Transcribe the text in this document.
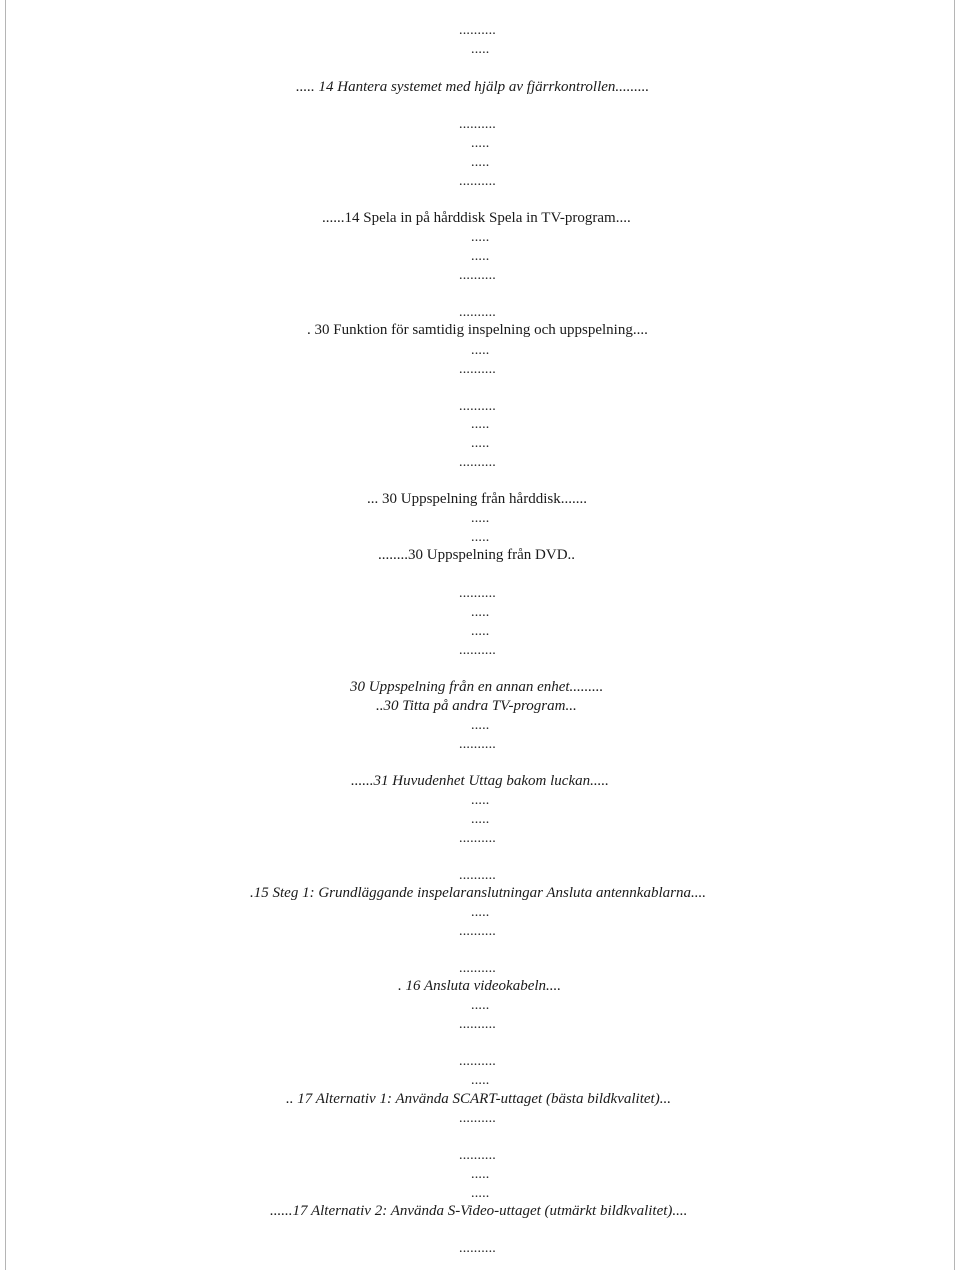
..........
.....
..... 14 Hantera systemet med hjälp av fjärrkontrollen.........
..........
.....
.....
..........
......14 Spela in på hårddisk Spela in TV-program....
.....
.....
..........
..........
. 30 Funktion för samtidig inspelning och uppspelning....
.....
..........
..........
.....
.....
..........
... 30 Uppspelning från hårddisk.......
.....
.....
........30 Uppspelning från DVD..
..........
.....
.....
..........
30 Uppspelning från en annan enhet.........
..30 Titta på andra TV-program...
.....
..........
......31 Huvudenhet Uttag bakom luckan.....
.....
.....
..........
..........
.15 Steg 1: Grundläggande inspelaranslutningar Ansluta antennkablarna....
.....
..........
..........
. 16 Ansluta videokabeln....
.....
..........
..........
.....
.. 17 Alternativ 1: Använda SCART-uttaget (bästa bildkvalitet)...
..........
..........
.....
.....
......17 Alternativ 2: Använda S-Video-uttaget (utmärkt bildkvalitet)....
..........
